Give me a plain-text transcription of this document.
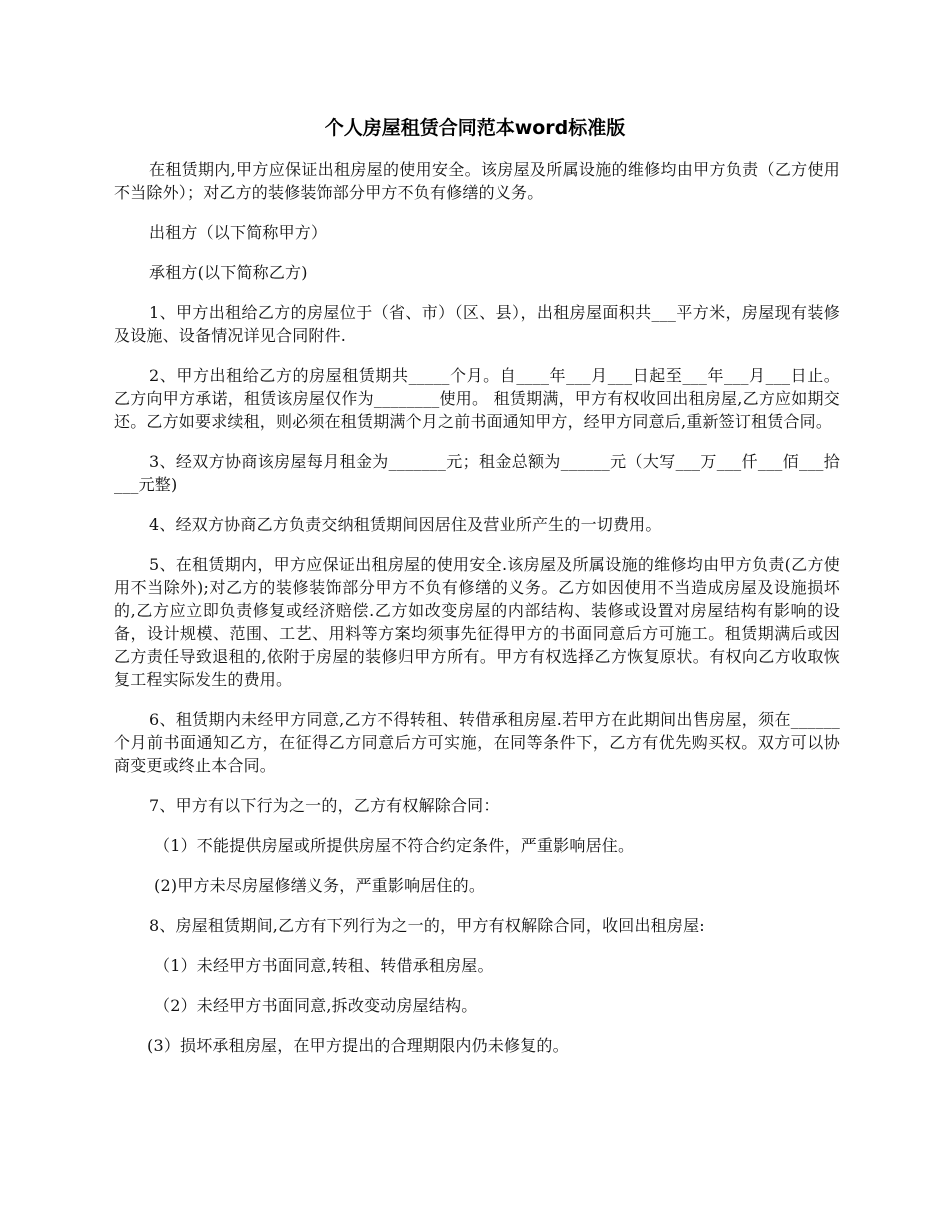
个人房屋租赁合同范本word标准版

在租赁期内,甲方应保证出租房屋的使用安全。该房屋及所属设施的维修均由甲方负责（乙方使用不当除外）；对乙方的装修装饰部分甲方不负有修缮的义务。

出租方（以下简称甲方）

承租方(以下简称乙方)

1、甲方出租给乙方的房屋位于（省、市）（区、县），出租房屋面积共___平方米，房屋现有装修及设施、设备情况详见合同附件.

2、甲方出租给乙方的房屋租赁期共_____个月。自____年___月___日起至___年___月___日止。乙方向甲方承诺，租赁该房屋仅作为________使用。 租赁期满，甲方有权收回出租房屋,乙方应如期交还。乙方如要求续租，则必须在租赁期满个月之前书面通知甲方，经甲方同意后,重新签订租赁合同。

3、经双方协商该房屋每月租金为_______元；租金总额为______元（大写___万___仟___佰___拾___元整)

4、经双方协商乙方负责交纳租赁期间因居住及营业所产生的一切费用。

5、在租赁期内，甲方应保证出租房屋的使用安全.该房屋及所属设施的维修均由甲方负责(乙方使用不当除外);对乙方的装修装饰部分甲方不负有修缮的义务。乙方如因使用不当造成房屋及设施损坏的,乙方应立即负责修复或经济赔偿.乙方如改变房屋的内部结构、装修或设置对房屋结构有影响的设备，设计规模、范围、工艺、用料等方案均须事先征得甲方的书面同意后方可施工。租赁期满后或因乙方责任导致退租的,依附于房屋的装修归甲方所有。甲方有权选择乙方恢复原状。有权向乙方收取恢复工程实际发生的费用。

6、租赁期内未经甲方同意,乙方不得转租、转借承租房屋.若甲方在此期间出售房屋，须在______个月前书面通知乙方，在征得乙方同意后方可实施，在同等条件下，乙方有优先购买权。双方可以协商变更或终止本合同。

7、甲方有以下行为之一的，乙方有权解除合同：

（1）不能提供房屋或所提供房屋不符合约定条件，严重影响居住。

(2)甲方未尽房屋修缮义务，严重影响居住的。

8、房屋租赁期间,乙方有下列行为之一的，甲方有权解除合同，收回出租房屋:

（1）未经甲方书面同意,转租、转借承租房屋。

（2）未经甲方书面同意,拆改变动房屋结构。

(3）损坏承租房屋，在甲方提出的合理期限内仍未修复的。
